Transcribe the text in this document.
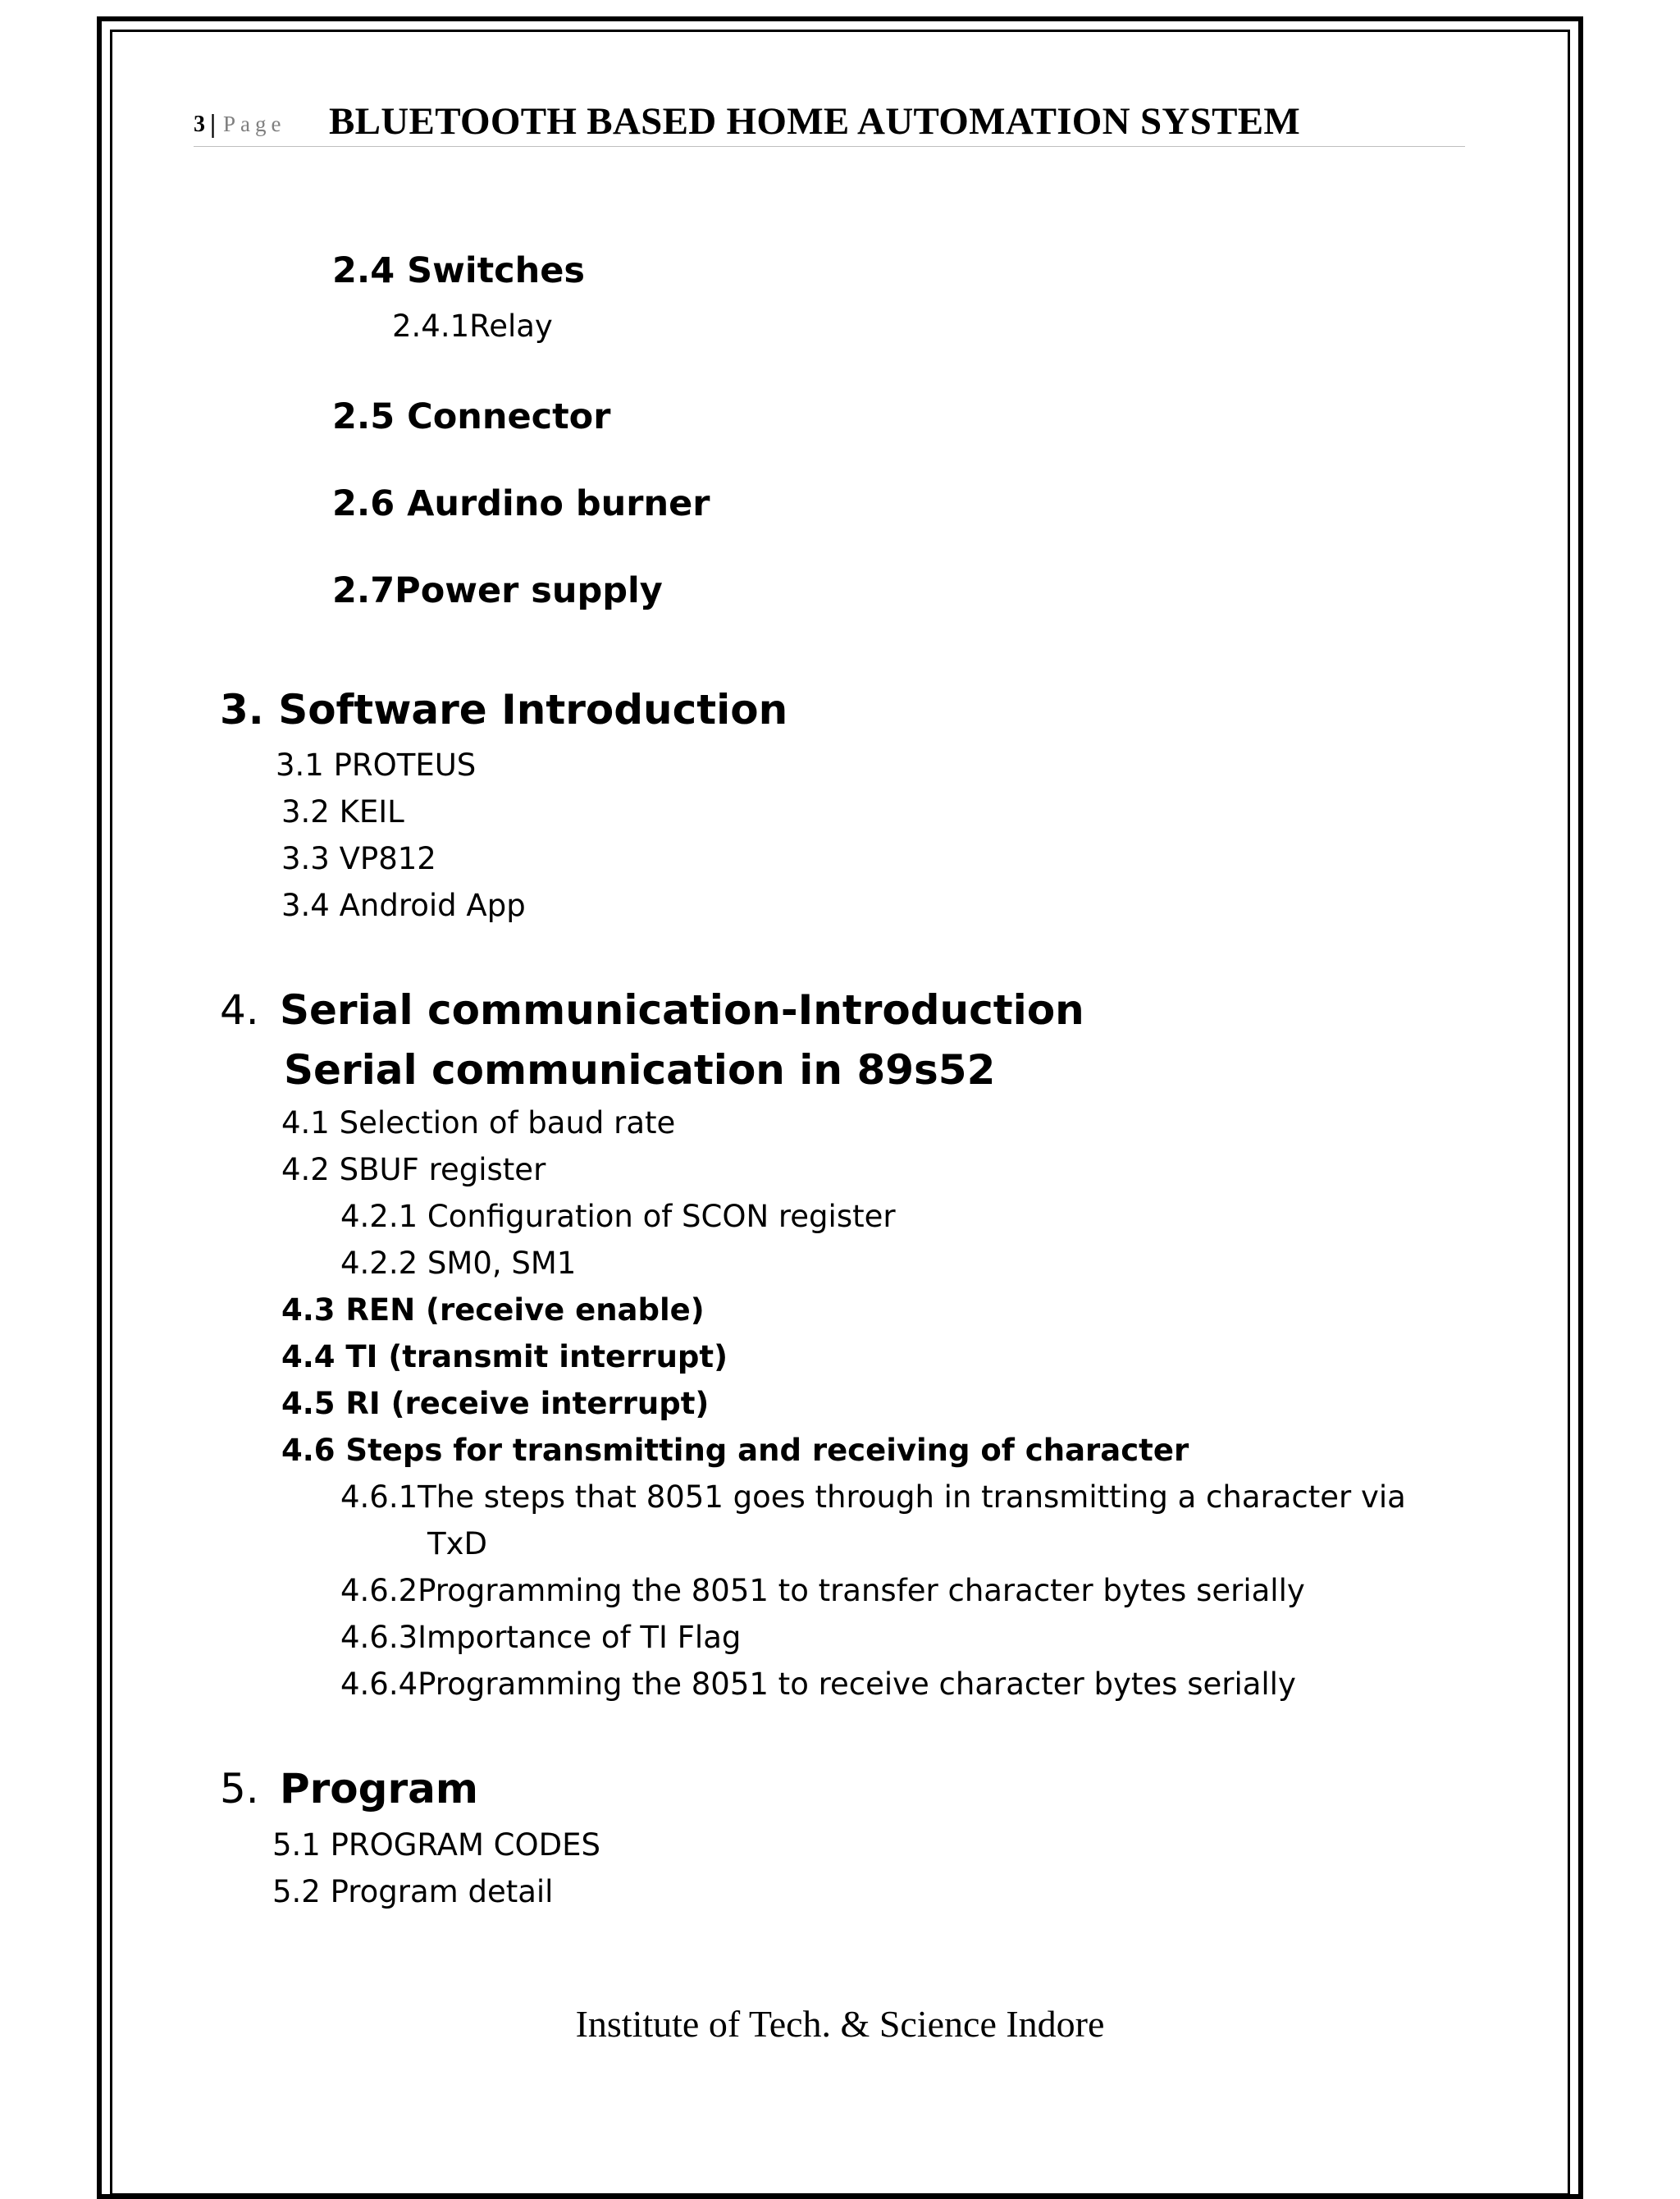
3 | Page BLUETOOTH BASED HOME AUTOMATION SYSTEM
2.4 Switches
2.4.1Relay
2.5 Connector
2.6 Aurdino burner
2.7Power supply
3. Software Introduction
3.1 PROTEUS
3.2 KEIL
3.3 VP812
3.4 Android App
4. Serial communication-Introduction
Serial communication in 89s52
4.1 Selection of baud rate
4.2 SBUF register
4.2.1 Configuration of SCON register
4.2.2 SM0, SM1
4.3 REN (receive enable)
4.4 TI (transmit interrupt)
4.5 RI (receive interrupt)
4.6 Steps for transmitting and receiving of character
4.6.1The steps that 8051 goes through in transmitting a character via
TxD
4.6.2Programming the 8051 to transfer character bytes serially
4.6.3Importance of TI Flag
4.6.4Programming the 8051 to receive character bytes serially
5. Program
5.1 PROGRAM CODES
5.2 Program detail
Institute of Tech. & Science Indore
